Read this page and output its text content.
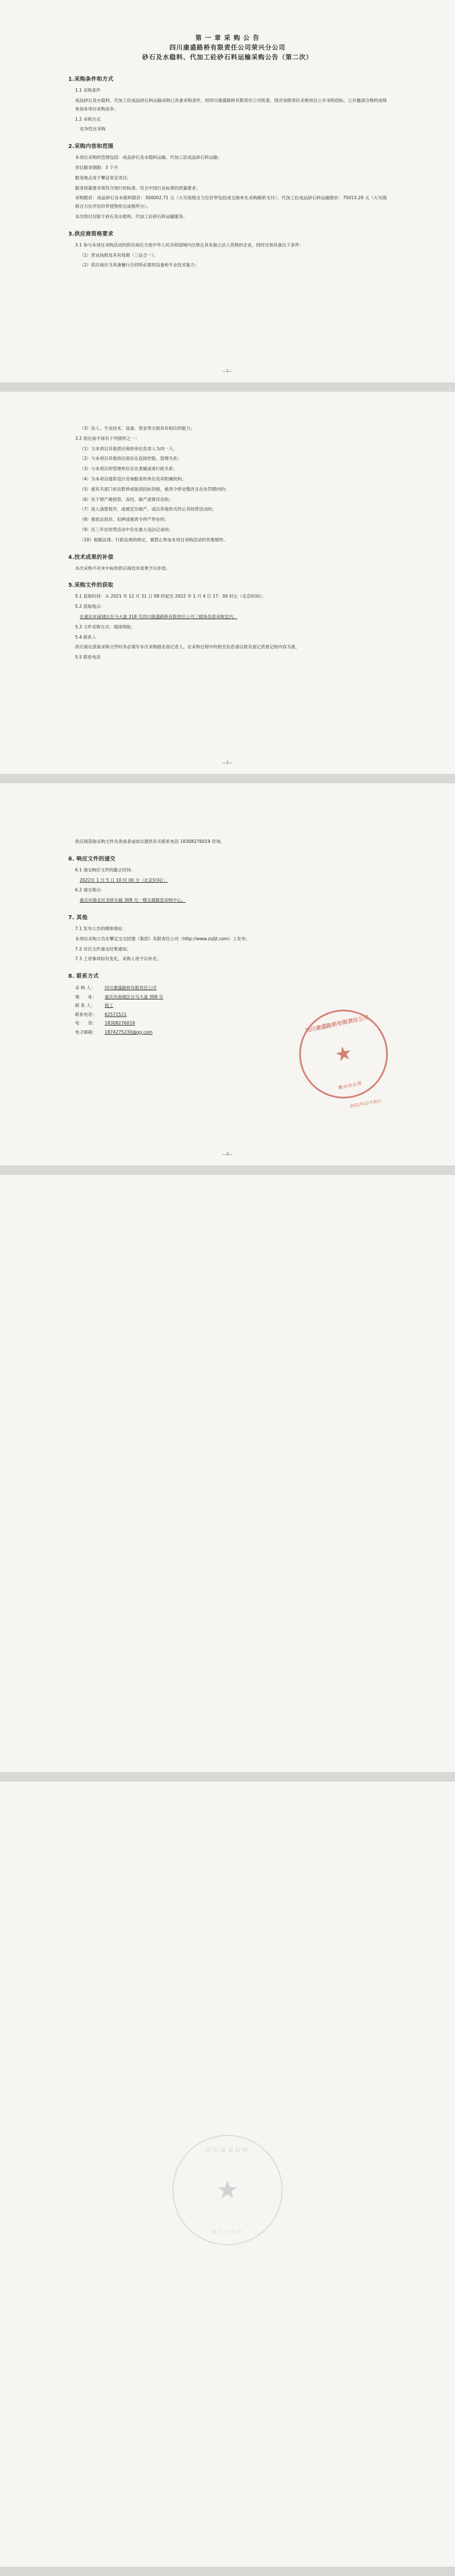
第 一 章 采 购 公 告
四川康盛路桥有限责任公司荣兴分公司
砂石及水稳料、代加工砼砂石料运输采购公告（第二次）
1.采购条件和方式
1.1 采购条件
成品砂石及水稳料、代加工砼成品砂石料运输采购已具备采购条件，经四川康盛路桥有限责任公司批准，现对该限责任采购项目公开采购招标，公开邀请合格的成绩参加本项目采购竞争。
1.2 采购方式
竞争性比采购
2.采购内容和范围
本项目采购的范围包括：成品砂石及水稳料运输、代加工砼成品砂石料运输；
项目服务期限：3 个月
服务地点用于攀宜常宜项目;
服务质量要求须符合现行的标准、符合中国行业标准的质量要求；
采购限价：成品砂石及水稳料限价：300002.71 元（大写海格含力位价带包括成交换单化采购解析支付）、代加工砼成品砂石料运输限价：75013.29 元（大写海格含力位评估价带使物你完成格所分）。
本次预付仅限于砂石及水稳料、代加工砼砂石料运输服务。
3.供应商资格要求
3.1 参与本项目采购活动的供应商应当是中华人民共和国境内注册且具有独立法人资格的企业，同时还须具备以下条件：
（1）营业执照及其有效期（三证合一）；
（2）供应商应当具备履行合同所必需的设备和专业技术能力；
—1—
（3）法人、专业技术、设备、资金等方面具有相应的能力；
3.2 供应商不得有下列情形之一：
（1）与本项目其他供应商的单位负责人为同一人；
（2）与本项目其他供应商存在直接控股、管理关系；
（3）与本项目的管理单位存在隶属或者行政关系；
（4）为本项目提供设计咨询服务的单位及其附属机构；
（5）被有关部门依法暂停或取消投标资格，被责令停业整改且在处罚期内的；
（6）处于财产被接管、冻结、破产清算状态的；
（7）进入清算程序，或被宣告破产，或以其他形式终止其经营活动的；
（8）被依法查封、扣押或被责令停产停业的；
（9）近三年在经营活动中存在重大违法记录的；
（10）根据法律、行政法规的规定，被禁止参加本项目采购活动的其他情形。
4.技术成果的补偿
本次采购不对未中标的供应商技术成果予以补偿。
5.采购文件的获取
5.1 获取时间：从 2021 年 12 月 31 日 08 时起至 2022 年 1 月 4 日 17：00 时止（北京时间）；
5.2 获取地点：
在重庆市南城区在马大道 318 号四川康盛路桥有限责任公司三楼场务部采购室内。
5.3 文件采购方式：现场领取；
5.4 联系人
供应商在获取采购文件时务必填写本次采购报名登记表人，在采购过程中的相关信息请以报名登记表登记的内容为准。
5.5 联系电话
—2—
供应商获取采购文件负责或者或加以提供有关联系电话 18308276019 咨询。
6. 响应文件的递交
6.1 递交响应文件的截止时间：
2022年 1 月 5 日 10 时 00 分（北京时间）；
6.2 递交地点：
重庆市渝北区龙桥东路 308 号一楼交通服部采购中心。
7. 其他
7.1 发布公告的媒体地址：
本项目采购公告在攀宜交交招建（集团）有限责任公司（http://www.zsjljt.com）上发布；
7.2 对应文件递交结果通知；
7.3 上述事项如有变化，采购人将予以补充。
8. 联系方式
采 购 人： 四川康盛路桥有限责任公司
地　　址： 重庆市南城区百马大道 308 号
联 系 人： 杨工
联系电话： 62572521
电　　话： 18308276019
电子邮箱： 1874275230@qq.com	四川康盛路桥有限责任公司
★
荣兴分公司
2021年12月30日
—3—
四川康盛路桥
★
荣兴分公司
